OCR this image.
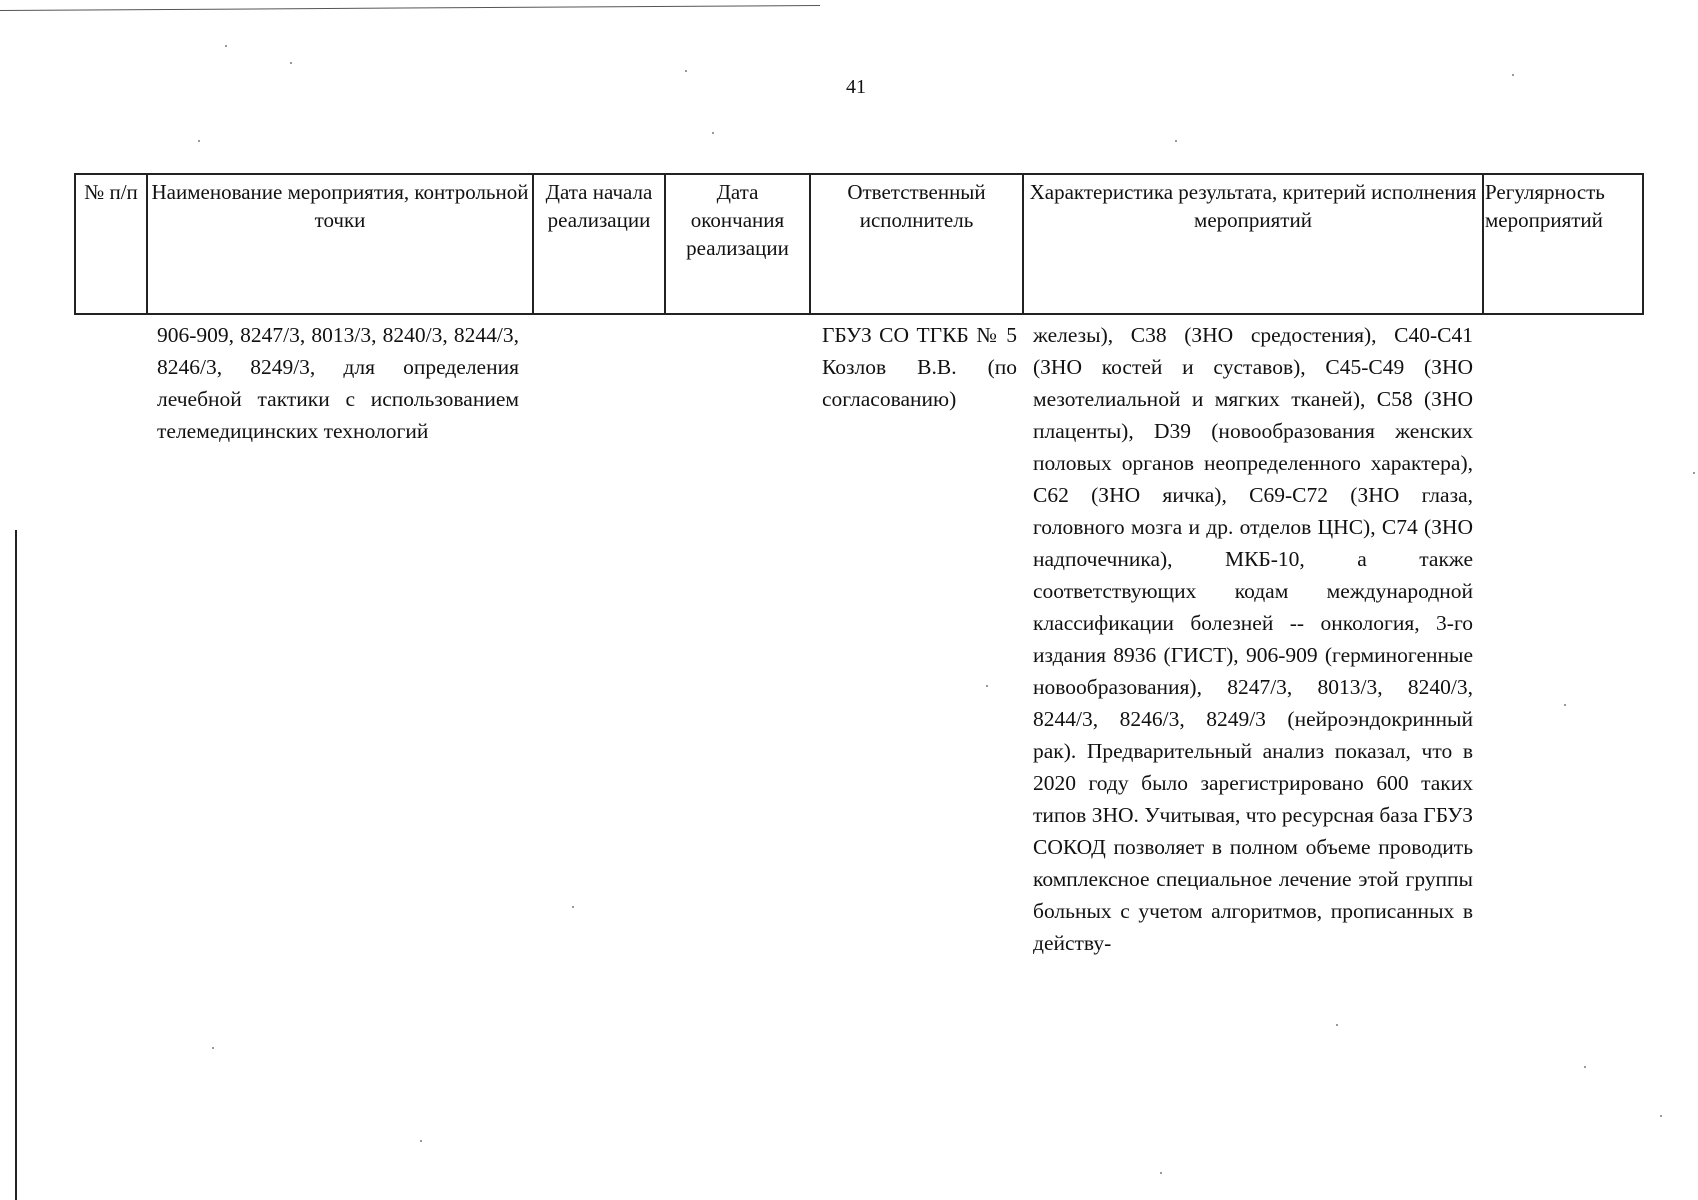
41
№ п/п	Наименование мероприятия, контрольной точки	Дата начала реализации	Дата окончания реализации	Ответственный исполнитель	Характеристика результата, критерий исполнения мероприятий	Регулярность мероприятий
	906-909, 8247/3, 8013/3, 8240/3, 8244/3, 8246/3, 8249/3, для определения лечебной тактики с использованием телемедицинских технологий			ГБУЗ СО ТГКБ № 5 Козлов В.В. (по согласованию)	железы), С38 (ЗНО средостения), С40-С41 (ЗНО костей и суставов), С45-С49 (ЗНО мезотелиальной и мягких тканей), С58 (ЗНО плаценты), D39 (новообразования женских половых органов неопределенного характера), С62 (ЗНО яичка), С69-С72 (ЗНО глаза, головного мозга и др. отделов ЦНС), С74 (ЗНО надпочечника), МКБ-10, а также соответствующих кодам международной классификации болезней -- онкология, 3-го издания 8936 (ГИСТ), 906-909 (герминогенные новообразования), 8247/3, 8013/3, 8240/3, 8244/3, 8246/3, 8249/3 (нейроэндокринный рак). Предварительный анализ показал, что в 2020 году было зарегистрировано 600 таких типов ЗНО. Учитывая, что ресурсная база ГБУЗ СОКОД позволяет в полном объеме проводить комплексное специальное лечение этой группы больных с учетом алгоритмов, прописанных в действу-	
